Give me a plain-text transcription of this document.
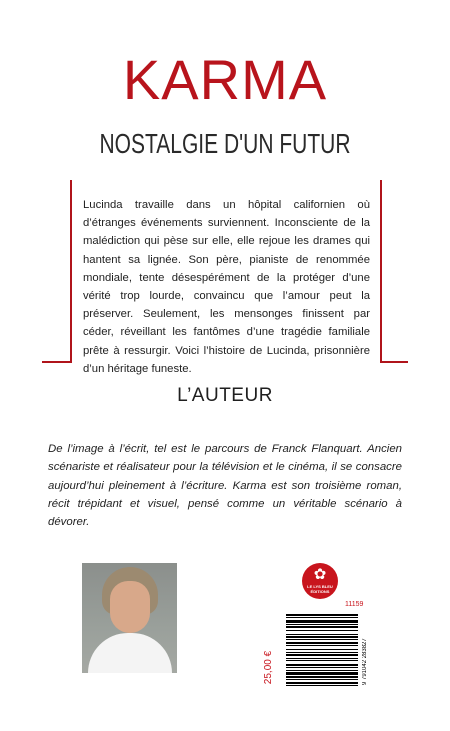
KARMA
NOSTALGIE D'UN FUTUR
Lucinda travaille dans un hôpital californien où d’étranges événements surviennent. Inconsciente de la malédiction qui pèse sur elle, elle rejoue les drames qui hantent sa lignée. Son père, pianiste de renommée mondiale, tente désespérément de la protéger d’une vérité trop lourde, convaincu que l’amour peut la préserver. Seulement, les mensonges finissent par céder, réveillant les fantômes d’une tragédie familiale prête à ressurgir. Voici l’histoire de Lucinda, prisonnière d’un héritage funeste.
L’AUTEUR
De l’image à l’écrit, tel est le parcours de Franck Flanquart. Ancien scénariste et réalisateur pour la télévision et le cinéma, il se consacre aujourd’hui pleinement à l’écriture. Karma est son troisième roman, récit trépidant et visuel, pensé comme un véritable scénario à dévorer.
✿
LE LYS BLEU
ÉDITIONS
11159
25,00 €	9 791042 283827
